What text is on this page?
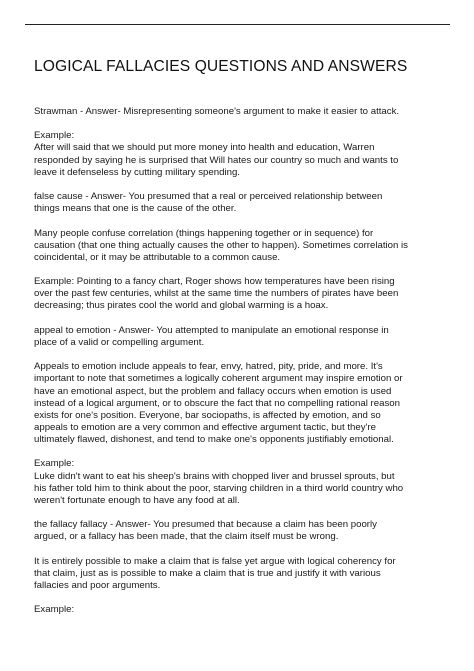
LOGICAL FALLACIES QUESTIONS AND ANSWERS

Strawman - Answer- Misrepresenting someone's argument to make it easier to attack.

Example:
After will said that we should put more money into health and education, Warren
responded by saying he is surprised that Will hates our country so much and wants to
leave it defenseless by cutting military spending.

false cause - Answer- You presumed that a real or perceived relationship between
things means that one is the cause of the other.

Many people confuse correlation (things happening together or in sequence) for
causation (that one thing actually causes the other to happen). Sometimes correlation is
coincidental, or it may be attributable to a common cause.

Example: Pointing to a fancy chart, Roger shows how temperatures have been rising
over the past few centuries, whilst at the same time the numbers of pirates have been
decreasing; thus pirates cool the world and global warming is a hoax.

appeal to emotion - Answer- You attempted to manipulate an emotional response in
place of a valid or compelling argument.

Appeals to emotion include appeals to fear, envy, hatred, pity, pride, and more. It's
important to note that sometimes a logically coherent argument may inspire emotion or
have an emotional aspect, but the problem and fallacy occurs when emotion is used
instead of a logical argument, or to obscure the fact that no compelling rational reason
exists for one's position. Everyone, bar sociopaths, is affected by emotion, and so
appeals to emotion are a very common and effective argument tactic, but they're
ultimately flawed, dishonest, and tend to make one's opponents justifiably emotional.

Example:
Luke didn't want to eat his sheep's brains with chopped liver and brussel sprouts, but
his father told him to think about the poor, starving children in a third world country who
weren't fortunate enough to have any food at all.

the fallacy fallacy - Answer- You presumed that because a claim has been poorly
argued, or a fallacy has been made, that the claim itself must be wrong.

It is entirely possible to make a claim that is false yet argue with logical coherency for
that claim, just as is possible to make a claim that is true and justify it with various
fallacies and poor arguments.

Example:
